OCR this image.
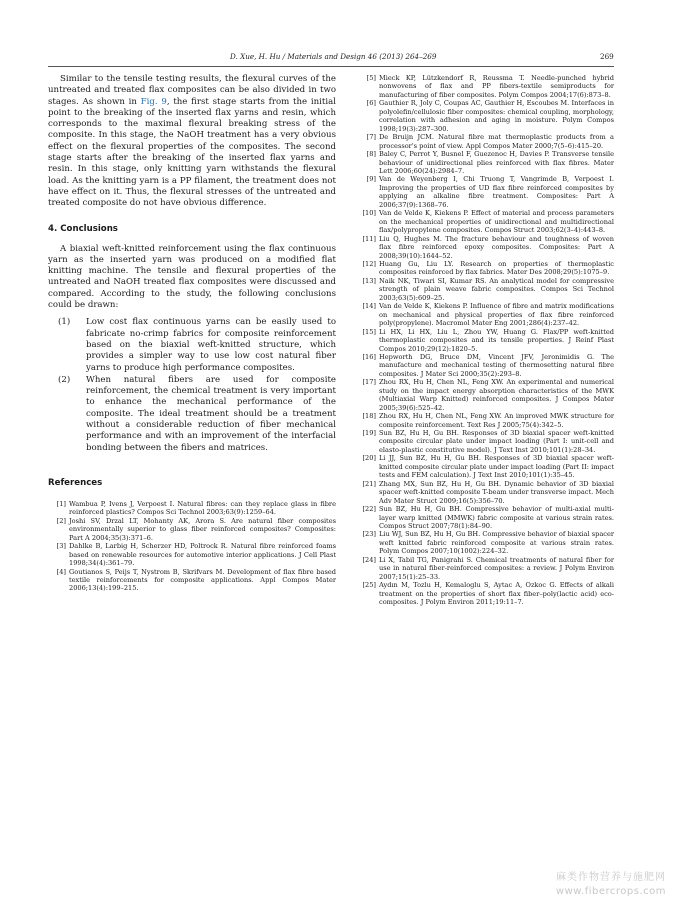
D. Xue, H. Hu / Materials and Design 46 (2013) 264–269	269

Similar to the tensile testing results, the flexural curves of the untreated and treated flax composites can be also divided in two stages. As shown in Fig. 9, the first stage starts from the initial point to the breaking of the inserted flax yarns and resin, which corresponds to the maximal flexural breaking stress of the composite. In this stage, the NaOH treatment has a very obvious effect on the flexural properties of the composites. The second stage starts after the breaking of the inserted flax yarns and resin. In this stage, only knitting yarn withstands the flexural load. As the knitting yarn is a PP filament, the treatment does not have effect on it. Thus, the flexural stresses of the untreated and treated composite do not have obvious difference.

4. Conclusions

A biaxial weft-knitted reinforcement using the flax continuous yarn as the inserted yarn was produced on a modified flat knitting machine. The tensile and flexural properties of the untreated and NaOH treated flax composites were discussed and compared. According to the study, the following conclusions could be drawn:

(1)	Low cost flax continuous yarns can be easily used to fabricate no-crimp fabrics for composite reinforcement based on the biaxial weft-knitted structure, which provides a simpler way to use low cost natural fiber yarns to produce high performance composites.
(2)	When natural fibers are used for composite reinforcement, the chemical treatment is very important to enhance the mechanical performance of the composite. The ideal treatment should be a treatment without a considerable reduction of fiber mechanical performance and with an improvement of the interfacial bonding between the fibers and matrices.
References
[1] Wambua P, Ivens J, Verpoest I. Natural fibres: can they replace glass in fibre reinforced plastics? Compos Sci Technol 2003;63(9):1259–64.
[2] Joshi SV, Drzal LT, Mohanty AK, Arora S. Are natural fiber composites environmentally superior to glass fiber reinforced composites? Composites: Part A 2004;35(3):371–6.
[3] Dahlke B, Larbig H, Scherzer HD, Poltrock R. Natural fibre reinforced foams based on renewable resources for automotive interior applications. J Cell Plast 1998;34(4):361–79.
[4] Goutianos S, Peijs T, Nystrom B, Skrifvars M. Development of flax fibre based textile reinforcements for composite applications. Appl Compos Mater 2006;13(4):199–215.
[5] Mieck KP, Lützkendorf R, Reussma T. Needle-punched hybrid nonwovens of flax and PP fibers-textile semiproducts for manufacturing of fiber composites. Polym Compos 2004;17(6):873–8.
[6] Gauthier R, Joly C, Coupas AC, Gauthier H, Escoubes M. Interfaces in polyolefin/cellulosic fiber composites: chemical coupling, morphology, correlation with adhesion and aging in moisture. Polym Compos 1998;19(3):287–300.
[7] De Bruijn JCM. Natural fibre mat thermoplastic products from a processor's point of view. Appl Compos Mater 2000;7(5–6):415–20.
[8] Baley C, Perrot Y, Busnel F, Guezenoc H, Davies P. Transverse tensile behaviour of unidirectional plies reinforced with flax fibres. Mater Lett 2006;60(24):2984–7.
[9] Van de Weyenberg I, Chi Truong T, Vangrimde B, Verpoest I. Improving the properties of UD flax fibre reinforced composites by applying an alkaline fibre treatment. Composites: Part A 2006;37(9):1368–76.
[10] Van de Velde K, Kiekens P. Effect of material and process parameters on the mechanical properties of unidirectional and multidirectional flax/polypropylene composites. Compos Struct 2003;62(3–4):443–8.
[11] Liu Q, Hughes M. The fracture behaviour and toughness of woven flax fibre reinforced epoxy composites. Composites: Part A 2008;39(10):1644–52.
[12] Huang Gu, Liu LY. Research on properties of thermoplastic composites reinforced by flax fabrics. Mater Des 2008;29(5):1075–9.
[13] Naik NK, Tiwari SI, Kumar RS. An analytical model for compressive strength of plain weave fabric composites. Compos Sci Technol 2003;63(5):609–25.
[14] Van de Velde K, Kiekens P. Influence of fibre and matrix modifications on mechanical and physical properties of flax fibre reinforced poly(propylene). Macromol Mater Eng 2001;286(4):237–42.
[15] Li HX, Li HX, Liu L, Zhou YW, Huang G. Flax/PP weft-knitted thermoplastic composites and its tensile properties. J Reinf Plast Compos 2010;29(12):1820–5.
[16] Hepworth DG, Bruce DM, Vincent JFV, Jeronimidis G. The manufacture and mechanical testing of thermosetting natural fibre composites. J Mater Sci 2000;35(2):293–8.
[17] Zhou RX, Hu H, Chen NL, Feng XW. An experimental and numerical study on the impact energy absorption characteristics of the MWK (Multiaxial Warp Knitted) reinforced composites. J Compos Mater 2005;39(6):525–42.
[18] Zhou RX, Hu H, Chen NL, Feng XW. An improved MWK structure for composite reinforcement. Text Res J 2005;75(4):342–5.
[19] Sun BZ, Hu H, Gu BH. Responses of 3D biaxial spacer weft-knitted composite circular plate under impact loading (Part I: unit-cell and elasto-plastic constitutive model). J Text Inst 2010;101(1):28–34.
[20] Li JJ, Sun BZ, Hu H, Gu BH. Responses of 3D biaxial spacer weft-knitted composite circular plate under impact loading (Part II: impact tests and FEM calculation). J Text Inst 2010;101(1):35–45.
[21] Zhang MX, Sun BZ, Hu H, Gu BH. Dynamic behavior of 3D biaxial spacer weft-knitted composite T-beam under transverse impact. Mech Adv Mater Struct 2009;16(5):356–70.
[22] Sun BZ, Hu H, Gu BH. Compressive behavior of multi-axial multi-layer warp knitted (MMWK) fabric composite at various strain rates. Compos Struct 2007;78(1):84–90.
[23] Liu WJ, Sun BZ, Hu H, Gu BH. Compressive behavior of biaxial spacer weft knitted fabric reinforced composite at various strain rates. Polym Compos 2007;10(1002):224–32.
[24] Li X, Tabil TG, Panigrahi S. Chemical treatments of natural fiber for use in natural fiber-reinforced composites: a review. J Polym Environ 2007;15(1):25–33.
[25] Aydın M, Tozlu H, Kemaloglu S, Aytac A, Ozkoc G. Effects of alkali treatment on the properties of short flax fiber–poly(lactic acid) eco-composites. J Polym Environ 2011;19:11–7.
麻类作物营养与施肥网
www.fibercrops.com
